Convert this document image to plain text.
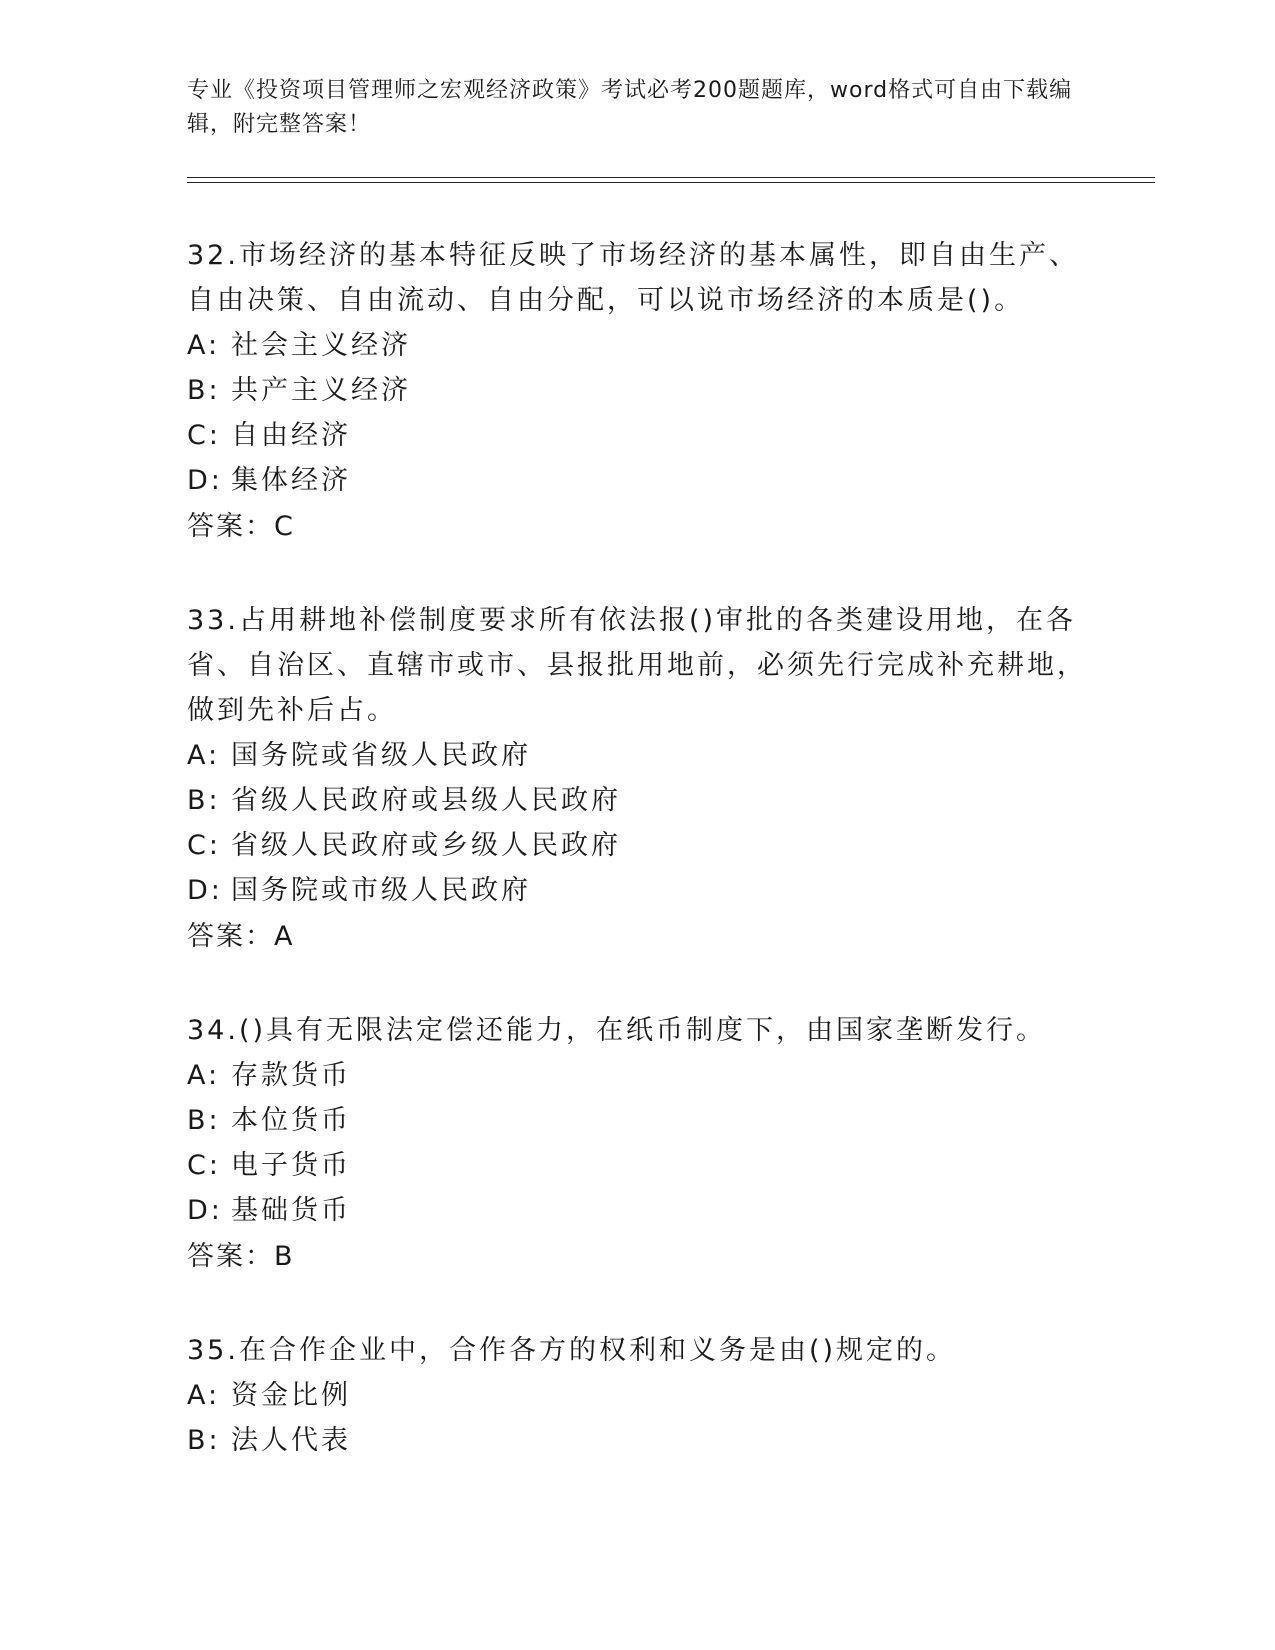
专业《投资项目管理师之宏观经济政策》考试必考200题题库，word格式可自由下载编辑，附完整答案！
32.市场经济的基本特征反映了市场经济的基本属性，即自由生产、自由决策、自由流动、自由分配，可以说市场经济的本质是()。
A: 社会主义经济
B: 共产主义经济
C: 自由经济
D: 集体经济
答案：C
33.占用耕地补偿制度要求所有依法报()审批的各类建设用地，在各省、自治区、直辖市或市、县报批用地前，必须先行完成补充耕地，做到先补后占。
A: 国务院或省级人民政府
B: 省级人民政府或县级人民政府
C: 省级人民政府或乡级人民政府
D: 国务院或市级人民政府
答案：A
34.()具有无限法定偿还能力，在纸币制度下，由国家垄断发行。
A: 存款货币
B: 本位货币
C: 电子货币
D: 基础货币
答案：B
35.在合作企业中，合作各方的权利和义务是由()规定的。
A: 资金比例
B: 法人代表
